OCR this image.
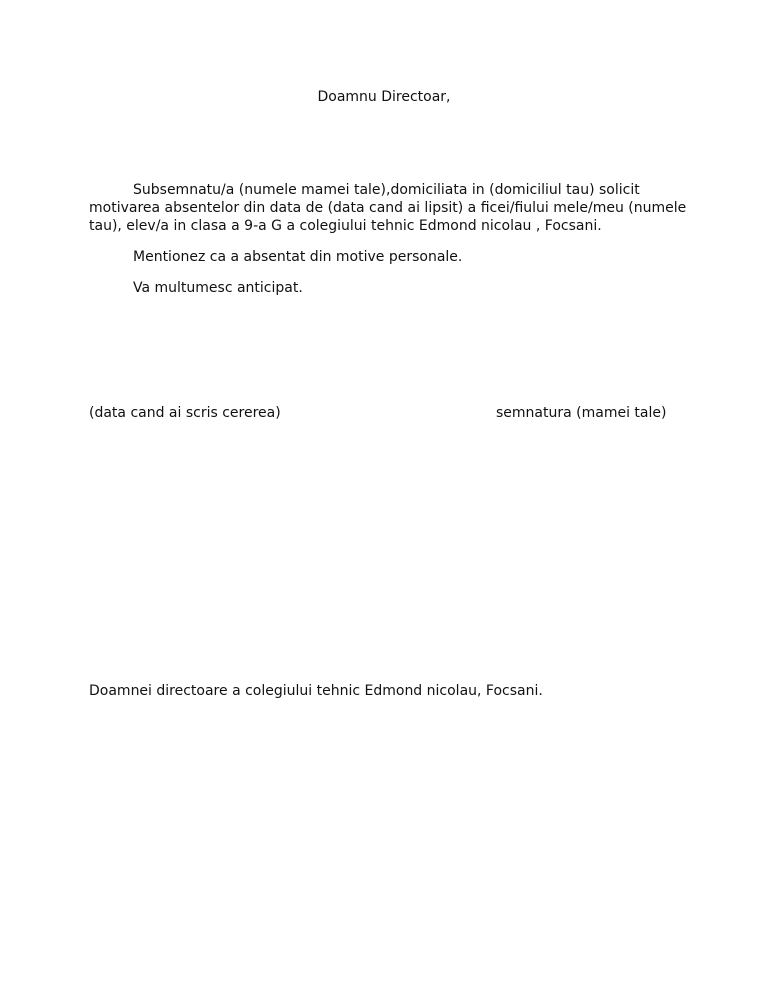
Doamnu Directoar,

Subsemnatu/a (numele mamei tale),domiciliata in (domiciliul tau) solicit motivarea absentelor din data de (data cand ai lipsit) a ficei/fiului mele/meu (numele tau), elev/a in clasa a 9-a G a colegiului tehnic Edmond nicolau , Focsani.

Mentionez ca a absentat din motive personale.

Va multumesc anticipat.

(data cand ai scris cererea)	semnatura (mamei tale)
Doamnei directoare a colegiului tehnic Edmond nicolau, Focsani.
